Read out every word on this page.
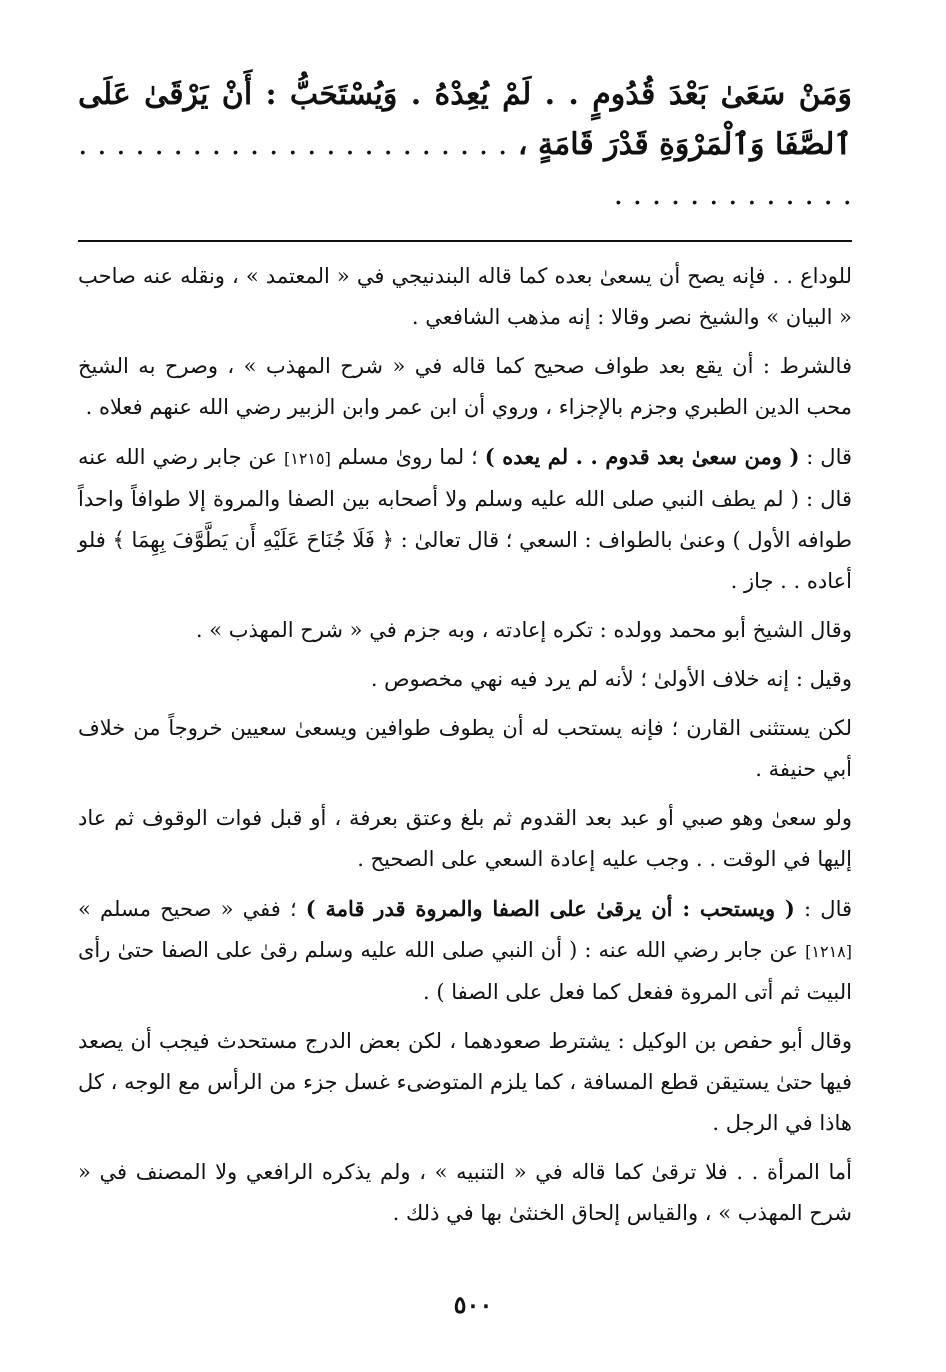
وَمَنْ سَعَىٰ بَعْدَ قُدُومٍ . . لَمْ يُعِدْهُ . وَيُسْتَحَبُّ : أَنْ يَرْقَىٰ عَلَى ٱلصَّفَا وَٱلْمَرْوَةِ قَدْرَ قَامَةٍ ، . . . . . . . . . . . . . . . . . . . . . . . . . . . . . . . . . . . .

للوداع . . فإنه يصح أن يسعىٰ بعده كما قاله البندنيجي في « المعتمد » ، ونقله عنه صاحب « البيان » والشيخ نصر وقالا : إنه مذهب الشافعي .

فالشرط : أن يقع بعد طواف صحيح كما قاله في « شرح المهذب » ، وصرح به الشيخ محب الدين الطبري وجزم بالإجزاء ، وروي أن ابن عمر وابن الزبير رضي الله عنهم فعلاه .

قال : ( ومن سعىٰ بعد قدوم . . لم يعده ) ؛ لما روىٰ مسلم [١٢١٥] عن جابر رضي الله عنه قال : ( لم يطف النبي صلى الله عليه وسلم ولا أصحابه بين الصفا والمروة إلا طوافاً واحداً طوافه الأول ) وعنىٰ بالطواف : السعي ؛ قال تعالىٰ : ﴿ فَلَا جُنَاحَ عَلَيْهِ أَن يَطَّوَّفَ بِهِمَا ﴾ فلو أعاده . . جاز .

وقال الشيخ أبو محمد وولده : تكره إعادته ، وبه جزم في « شرح المهذب » .

وقيل : إنه خلاف الأولىٰ ؛ لأنه لم يرد فيه نهي مخصوص .

لكن يستثنى القارن ؛ فإنه يستحب له أن يطوف طوافين ويسعىٰ سعيين خروجاً من خلاف أبي حنيفة .

ولو سعىٰ وهو صبي أو عبد بعد القدوم ثم بلغ وعتق بعرفة ، أو قبل فوات الوقوف ثم عاد إليها في الوقت . . وجب عليه إعادة السعي على الصحيح .

قال : ( ويستحب : أن يرقىٰ على الصفا والمروة قدر قامة ) ؛ ففي « صحيح مسلم » [١٢١٨] عن جابر رضي الله عنه : ( أن النبي صلى الله عليه وسلم رقىٰ على الصفا حتىٰ رأى البيت ثم أتى المروة ففعل كما فعل على الصفا ) .

وقال أبو حفص بن الوكيل : يشترط صعودهما ، لكن بعض الدرج مستحدث فيجب أن يصعد فيها حتىٰ يستيقن قطع المسافة ، كما يلزم المتوضىء غسل جزء من الرأس مع الوجه ، كل هاذا في الرجل .

أما المرأة . . فلا ترقىٰ كما قاله في « التنبيه » ، ولم يذكره الرافعي ولا المصنف في « شرح المهذب » ، والقياس إلحاق الخنثىٰ بها في ذلك .

٥٠٠
